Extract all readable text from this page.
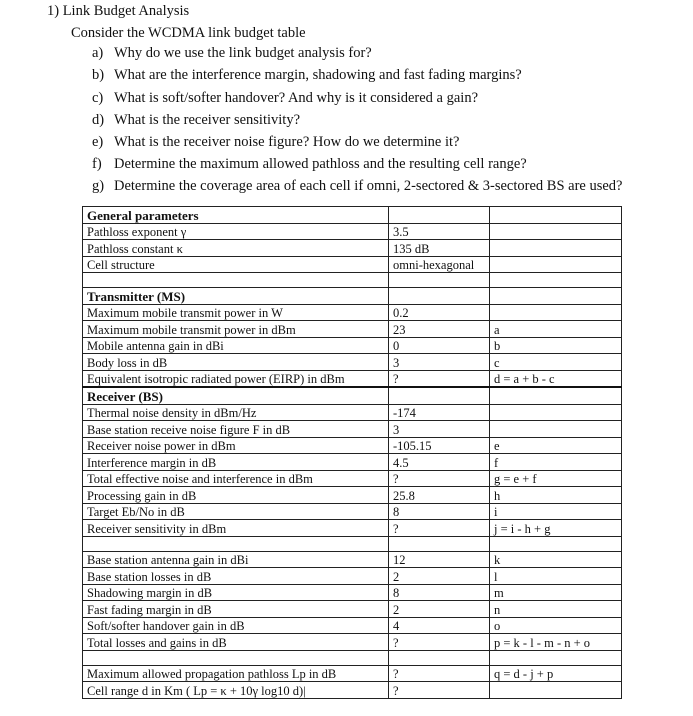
1) Link Budget Analysis
Consider the WCDMA link budget table
a) Why do we use the link budget analysis for?
b) What are the interference margin, shadowing and fast fading margins?
c) What is soft/softer handover? And why is it considered a gain?
d) What is the receiver sensitivity?
e) What is the receiver noise figure? How do we determine it?
f) Determine the maximum allowed pathloss and the resulting cell range?
g) Determine the coverage area of each cell if omni, 2-sectored & 3-sectored BS are used?
General parameters		
Pathloss exponent γ	3.5	
Pathloss constant κ	135 dB	
Cell structure	omni-hexagonal	

Transmitter (MS)		
Maximum mobile transmit power in W	0.2	
Maximum mobile transmit power in dBm	23	a
Mobile antenna gain in dBi	0	b
Body loss in dB	3	c
Equivalent isotropic radiated power (EIRP) in dBm	?	d = a + b - c
Receiver (BS)		
Thermal noise density in dBm/Hz	-174	
Base station receive noise figure F in dB	3	
Receiver noise power in dBm	-105.15	e
Interference margin in dB	4.5	f
Total effective noise and interference in dBm	?	g = e + f
Processing gain in dB	25.8	h
Target Eb/No in dB	8	i
Receiver sensitivity in dBm	?	j = i - h + g

Base station antenna gain in dBi	12	k
Base station losses in dB	2	l
Shadowing margin in dB	8	m
Fast fading margin in dB	2	n
Soft/softer handover gain in dB	4	o
Total losses and gains in dB	?	p = k - l - m - n + o

Maximum allowed propagation pathloss Lp in dB	?	q = d - j + p
Cell range d in Km ( Lp = κ + 10γ log10 d)|	?	
